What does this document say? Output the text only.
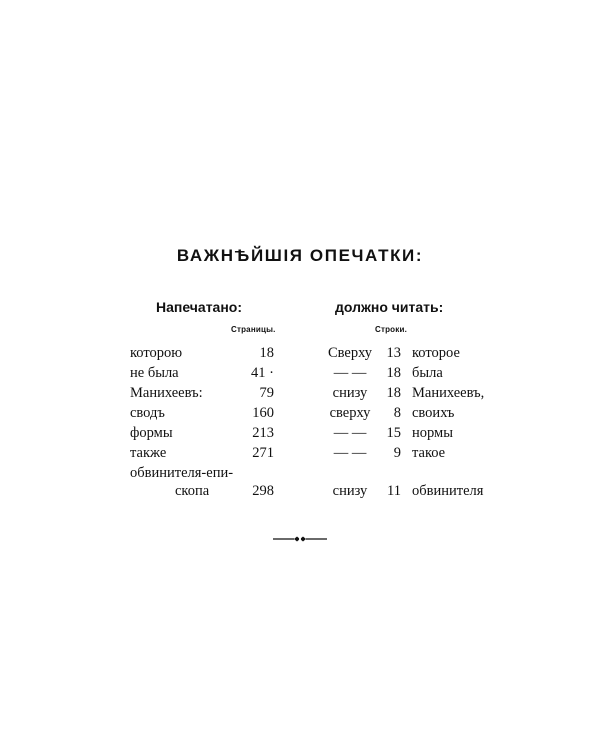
ВАЖНѢЙШІЯ ОПЕЧАТКИ:
Напечатано:	должно читать:
Страницы.	Строки.
которою	18	Сверху 13 которое
не была	41 ·	— —	18 была
Манихеевъ:	79	снизу	18 Манихеевъ,
сводъ	160	сверху	8 своихъ
формы	213	— —	15 нормы
также	271	— —	9 такое
обвинителя-епи-
скопа	298	снизу	11 обвинителя
